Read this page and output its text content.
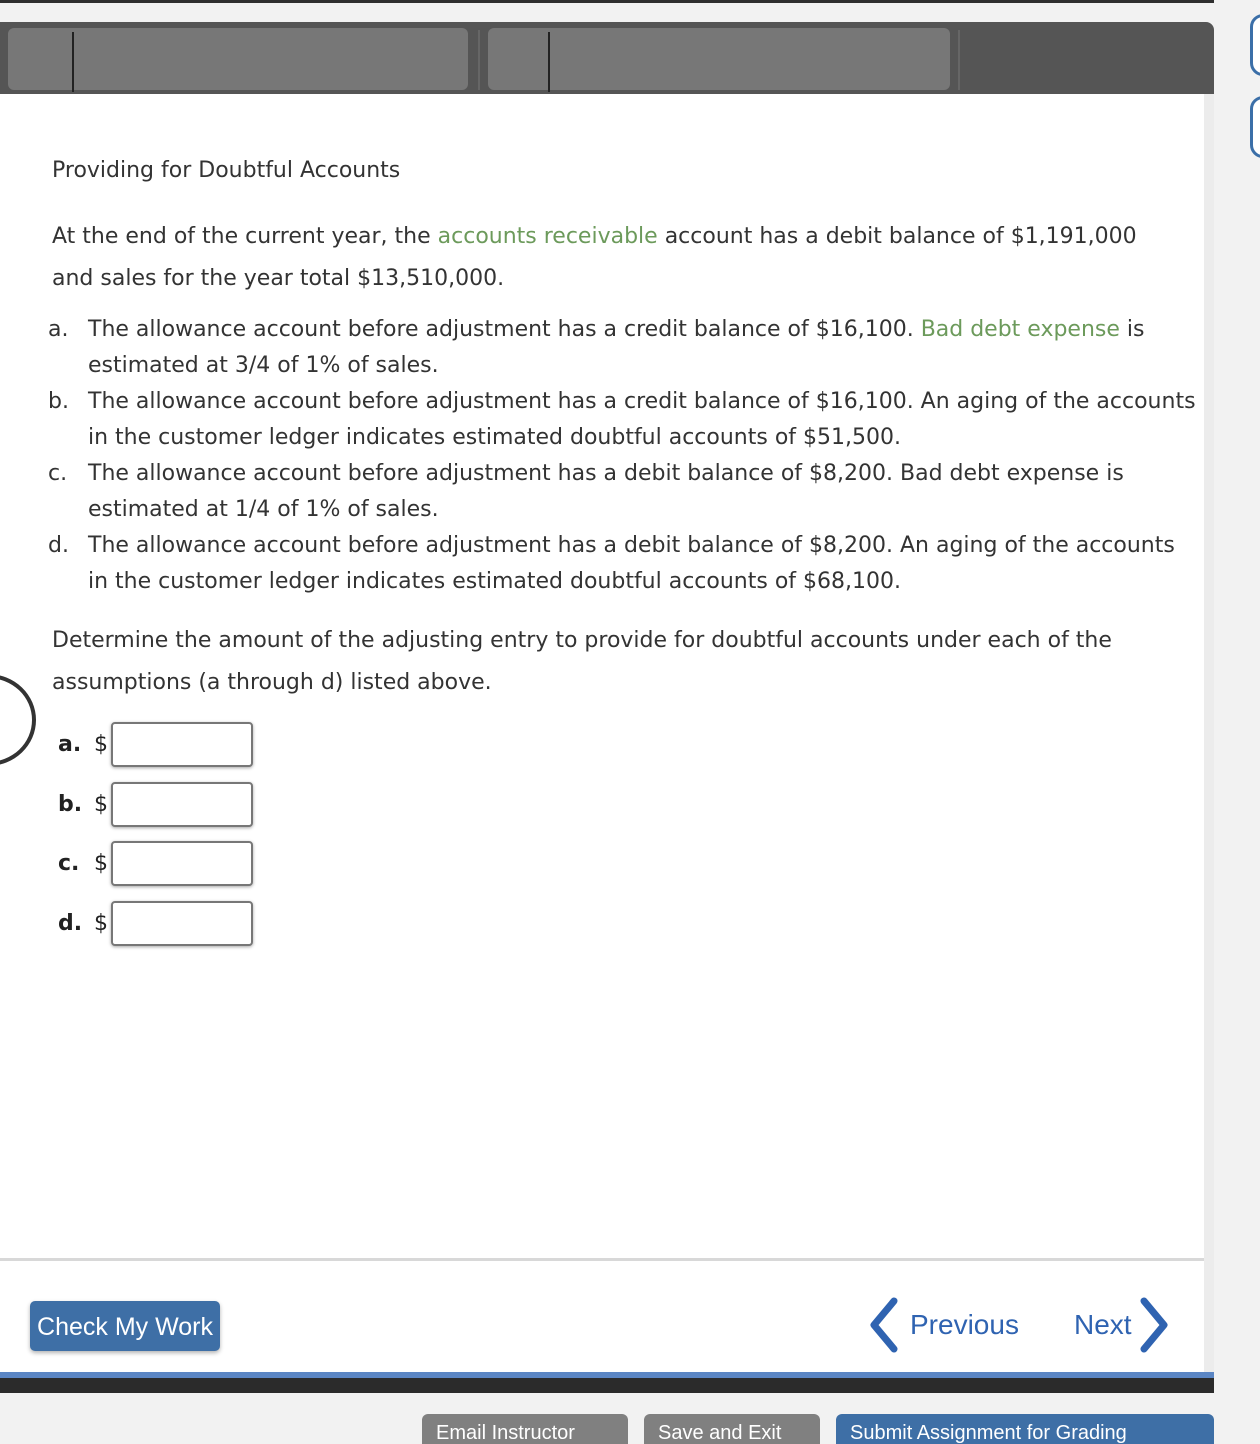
Providing for Doubtful Accounts
At the end of the current year, the accounts receivable account has a debit balance of $1,191,000 and sales for the year total $13,510,000.
a. The allowance account before adjustment has a credit balance of $16,100. Bad debt expense is estimated at 3/4 of 1% of sales.
b. The allowance account before adjustment has a credit balance of $16,100. An aging of the accounts in the customer ledger indicates estimated doubtful accounts of $51,500.
c. The allowance account before adjustment has a debit balance of $8,200. Bad debt expense is estimated at 1/4 of 1% of sales.
d. The allowance account before adjustment has a debit balance of $8,200. An aging of the accounts in the customer ledger indicates estimated doubtful accounts of $68,100.
Determine the amount of the adjusting entry to provide for doubtful accounts under each of the assumptions (a through d) listed above.
a. $
b. $
c. $
d. $
Check My Work	Previous Next
Email Instructor	Save and Exit	Submit Assignment for Grading
